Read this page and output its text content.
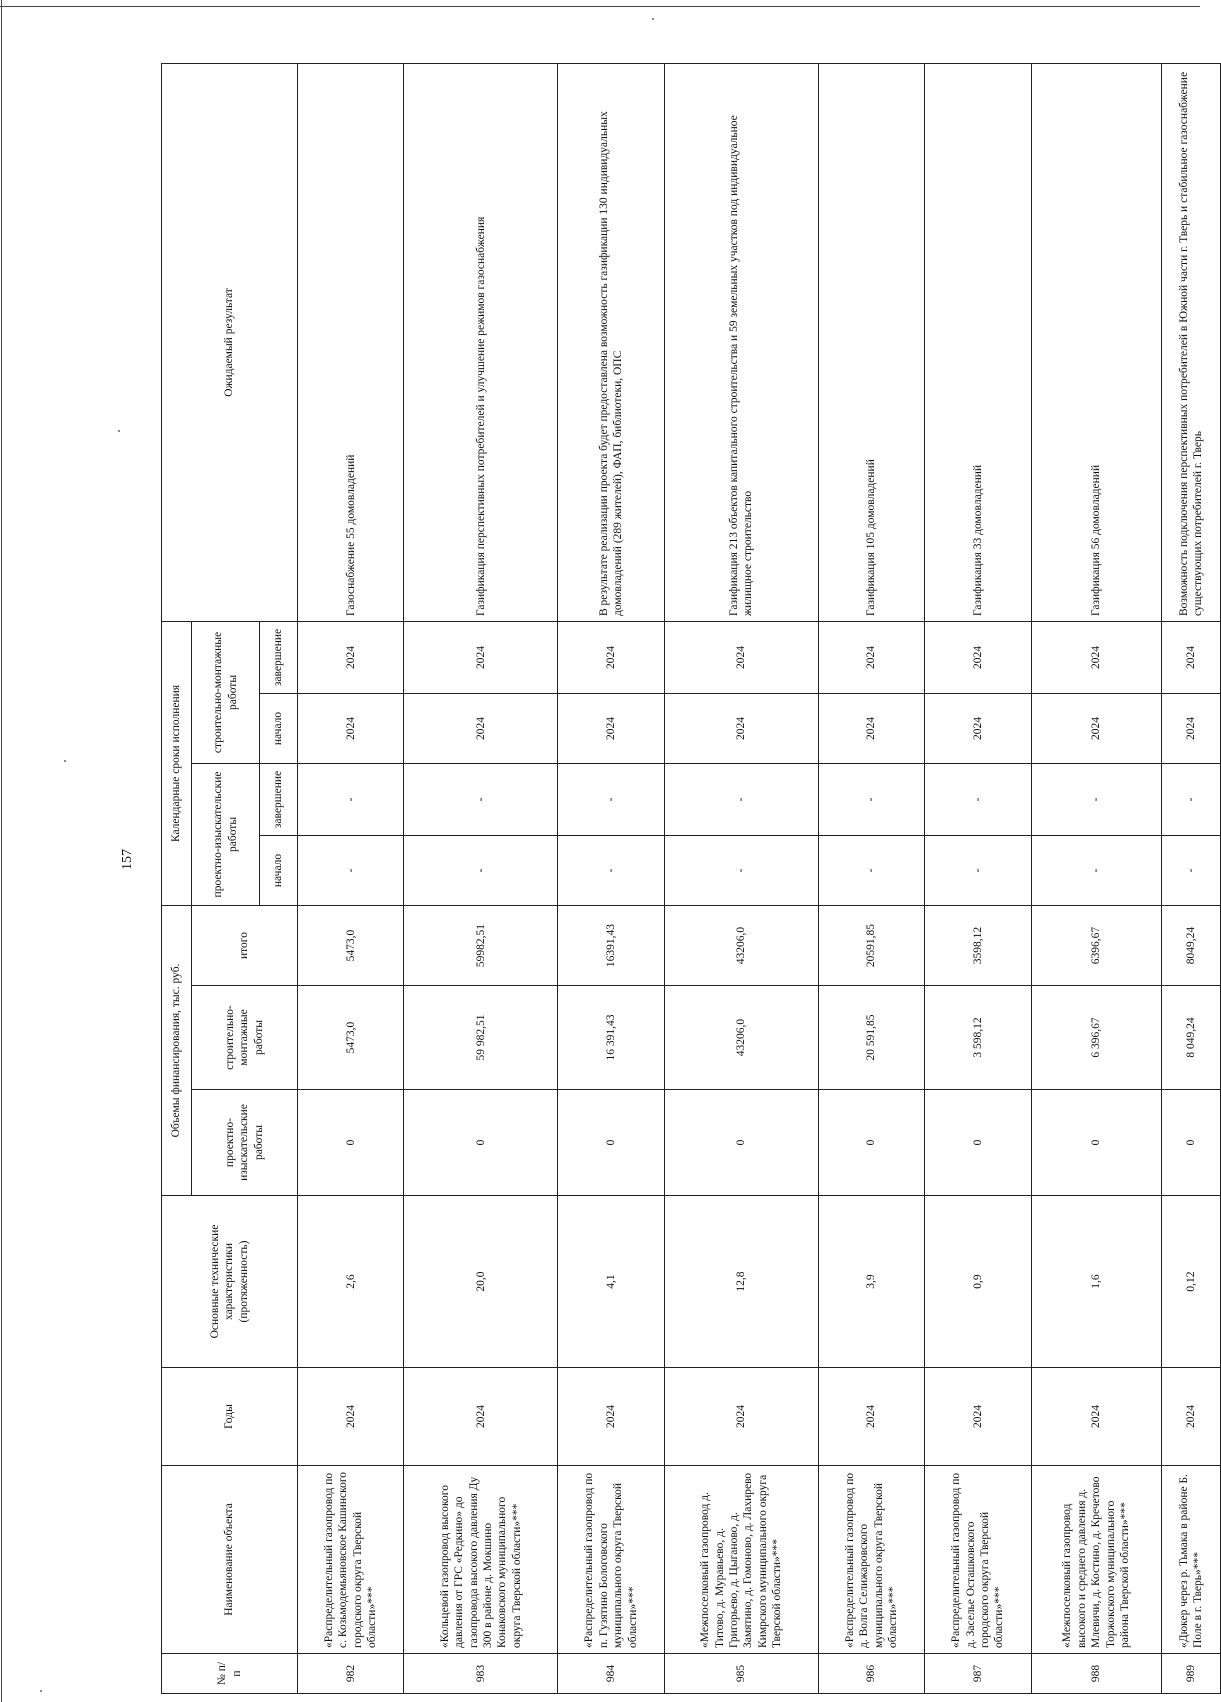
157
№ п/п	Наименование объекта	Годы	Основные технические характеристики (протяженность)	Объемы финансирования, тыс. руб.			Календарные сроки исполнения				Ожидаемый результат
				проектно-изыскательские работы	строительно-монтажные работы	итого	проектно-изыскательские работы		строительно-монтажные работы		
							начало	завершение	начало	завершение	
982	«Распределительный газопровод по с. Козьмодемьяновское Кашинского городского округа Тверской области»***	2024	2,6	0	5473,0	5473,0	-	-	2024	2024	Газоснабжение 55 домовладений
983	«Кольцевой газопровод высокого давления от ГРС «Редкино» до газопровода высокого давления Ду 300 в районе д. Мокшино Конаковского муниципального округа Тверской области»***	2024	20,0	0	59 982,51	59982,51	-	-	2024	2024	Газификация перспективных потребителей и улучшение режимов газоснабжения
984	«Распределительный газопровод по п. Гузятино Бологовского муниципального округа Тверской области»***	2024	4,1	0	16 391,43	16391,43	-	-	2024	2024	В результате реализации проекта будет предоставлена возможность газификации 130 индивидуальных домовладений (289 жителей), ФАП, библиотеки, ОПС
985	«Межпоселковый газопровод д. Титово, д. Муравьево, д. Григорьево, д. Цыганово, д. Замятино, д. Гомоново, д. Лахирево Кимрского муниципального округа Тверской области»***	2024	12,8	0	43206,0	43206,0	-	-	2024	2024	Газификация 213 объектов капитального строительства и 59 земельных участков под индивидуальное жилищное строительство
986	«Распределительный газопровод по д. Волга Селижаровского муниципального округа Тверской области»***	2024	3,9	0	20 591,85	20591,85	-	-	2024	2024	Газификация 105 домовладений
987	«Распределительный газопровод по д. Заселье Осташковского городского округа Тверской области»***	2024	0,9	0	3 598,12	3598,12	-	-	2024	2024	Газификация 33 домовладений
988	«Межпоселковый газопровод высокого и среднего давления д. Млевичи, д. Костино, д. Кречетово Торжокского муниципального района Тверской области»***	2024	1,6	0	6 396,67	6396,67	-	-	2024	2024	Газификация 56 домовладений
989	«Дюкер через р. Тьмака в районе Б. Поле в г. Тверь»***	2024	0,12	0	8 049,24	8049,24	-	-	2024	2024	Возможность подключения перспективных потребителей в Южной части г. Тверь и стабильное газоснабжение существующих потребителей г. Тверь
